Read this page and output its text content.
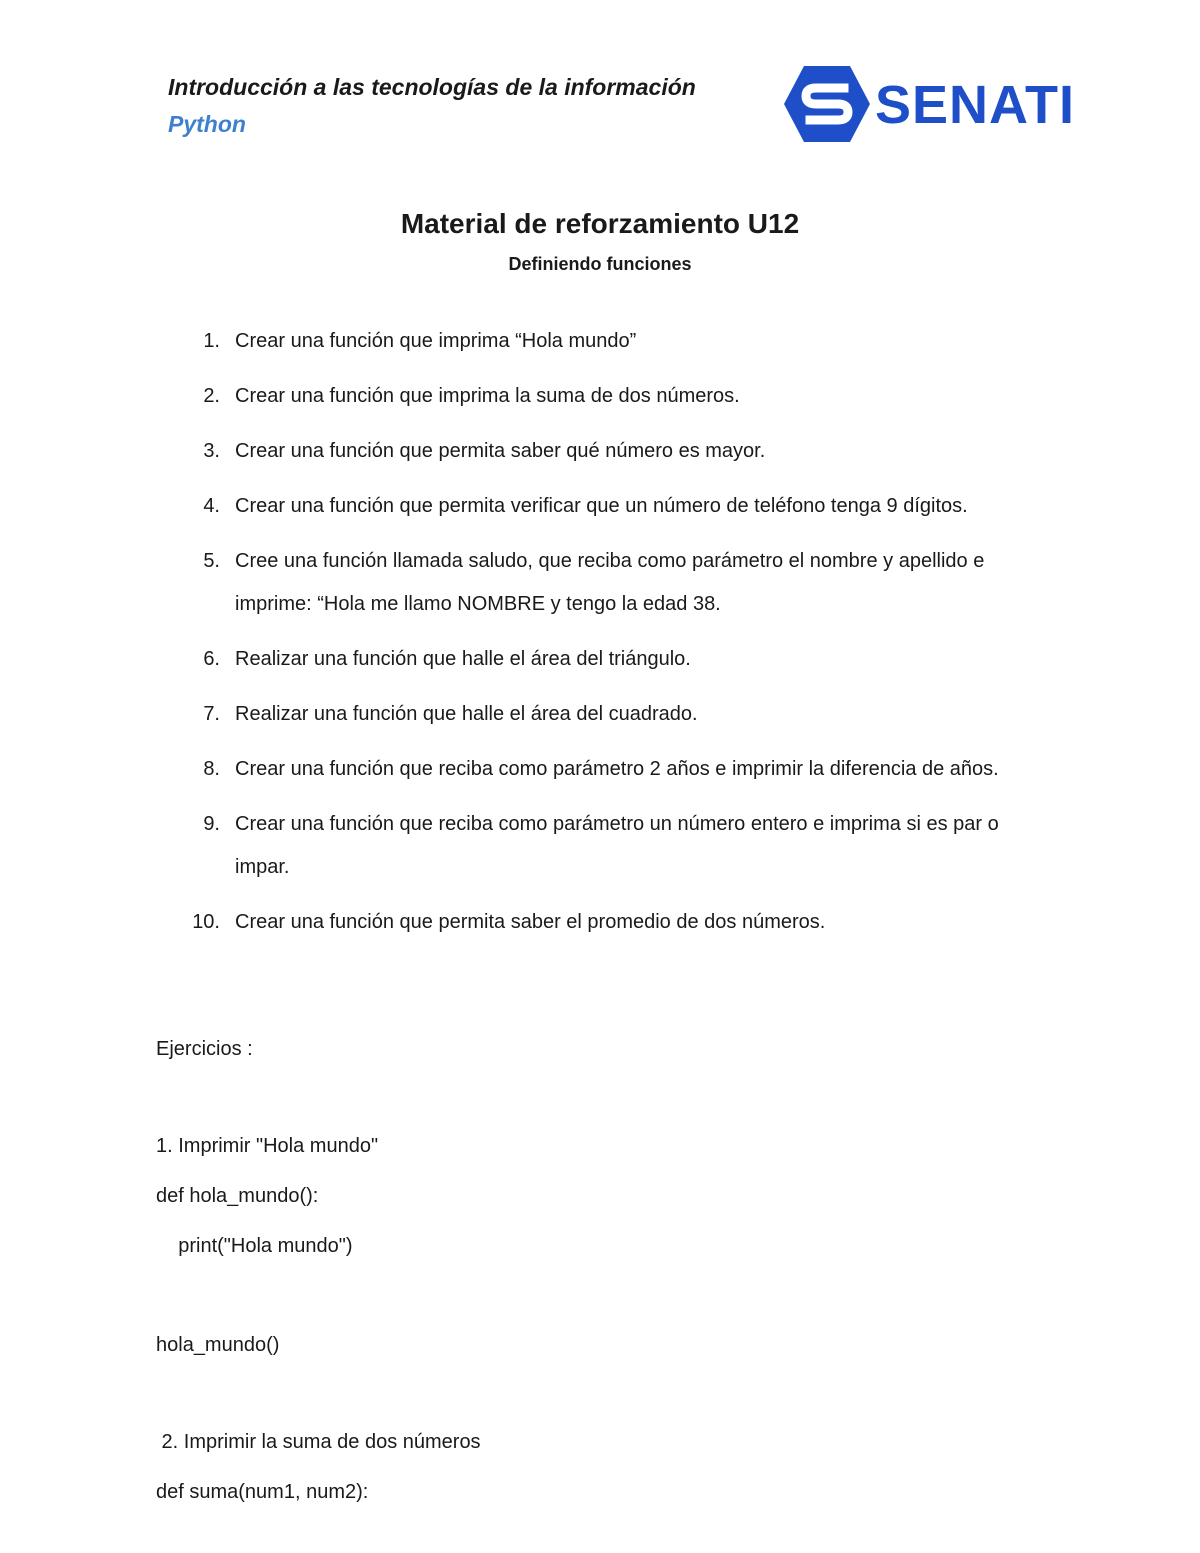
Introducción a las tecnologías de la información
Python	SENATI
Material de reforzamiento U12
Definiendo funciones
1. Crear una función que imprima “Hola mundo”
2. Crear una función que imprima la suma de dos números.
3. Crear una función que permita saber qué número es mayor.
4. Crear una función que permita verificar que un número de teléfono tenga 9 dígitos.
5. Cree una función llamada saludo, que reciba como parámetro el nombre y apellido e imprime: “Hola me llamo NOMBRE y tengo la edad 38.
6. Realizar una función que halle el área del triángulo.
7. Realizar una función que halle el área del cuadrado.
8. Crear una función que reciba como parámetro 2 años e imprimir la diferencia de años.
9. Crear una función que reciba como parámetro un número entero e imprima si es par o impar.
10. Crear una función que permita saber el promedio de dos números.
Ejercicios :
1. Imprimir "Hola mundo"
def hola_mundo():
print("Hola mundo")
hola_mundo()
2. Imprimir la suma de dos números
def suma(num1, num2):
